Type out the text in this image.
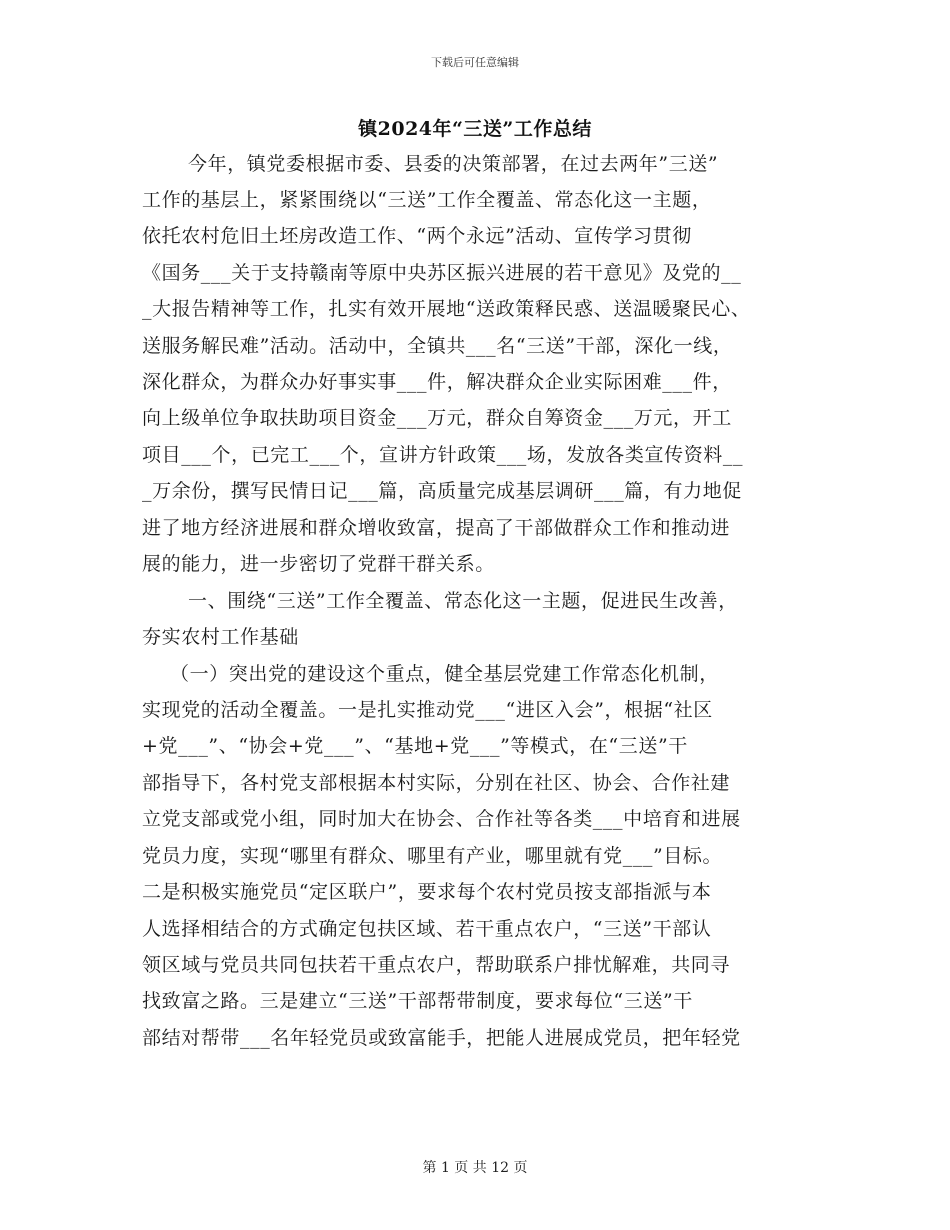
下载后可任意编辑
镇2024年“三送”工作总结
今年，镇党委根据市委、县委的决策部署，在过去两年”三送”
工作的基层上，紧紧围绕以“三送”工作全覆盖、常态化这一主题，
依托农村危旧土坯房改造工作、“两个永远”活动、宣传学习贯彻
《国务___关于支持赣南等原中央苏区振兴进展的若干意见》及党的__
_大报告精神等工作，扎实有效开展地“送政策释民惑、送温暖聚民心、
送服务解民难”活动。活动中，全镇共___名“三送”干部，深化一线，
深化群众，为群众办好事实事___件，解决群众企业实际困难___件，
向上级单位争取扶助项目资金___万元，群众自筹资金___万元，开工
项目___个，已完工___个，宣讲方针政策___场，发放各类宣传资料__
_万余份，撰写民情日记___篇，高质量完成基层调研___篇，有力地促
进了地方经济进展和群众增收致富，提高了干部做群众工作和推动进
展的能力，进一步密切了党群干群关系。
一、围绕“三送”工作全覆盖、常态化这一主题，促进民生改善，
夯实农村工作基础
（一）突出党的建设这个重点，健全基层党建工作常态化机制，
实现党的活动全覆盖。一是扎实推动党___“进区入会”，根据“社区
+党___”、“协会+党___”、“基地+党___”等模式，在“三送”干
部指导下，各村党支部根据本村实际，分别在社区、协会、合作社建
立党支部或党小组，同时加大在协会、合作社等各类___中培育和进展
党员力度，实现“哪里有群众、哪里有产业，哪里就有党___”目标。
二是积极实施党员“定区联户”，要求每个农村党员按支部指派与本
人选择相结合的方式确定包扶区域、若干重点农户，“三送”干部认
领区域与党员共同包扶若干重点农户，帮助联系户排忧解难，共同寻
找致富之路。三是建立“三送”干部帮带制度，要求每位“三送”干
部结对帮带___名年轻党员或致富能手，把能人进展成党员，把年轻党
第 1 页 共 12 页
